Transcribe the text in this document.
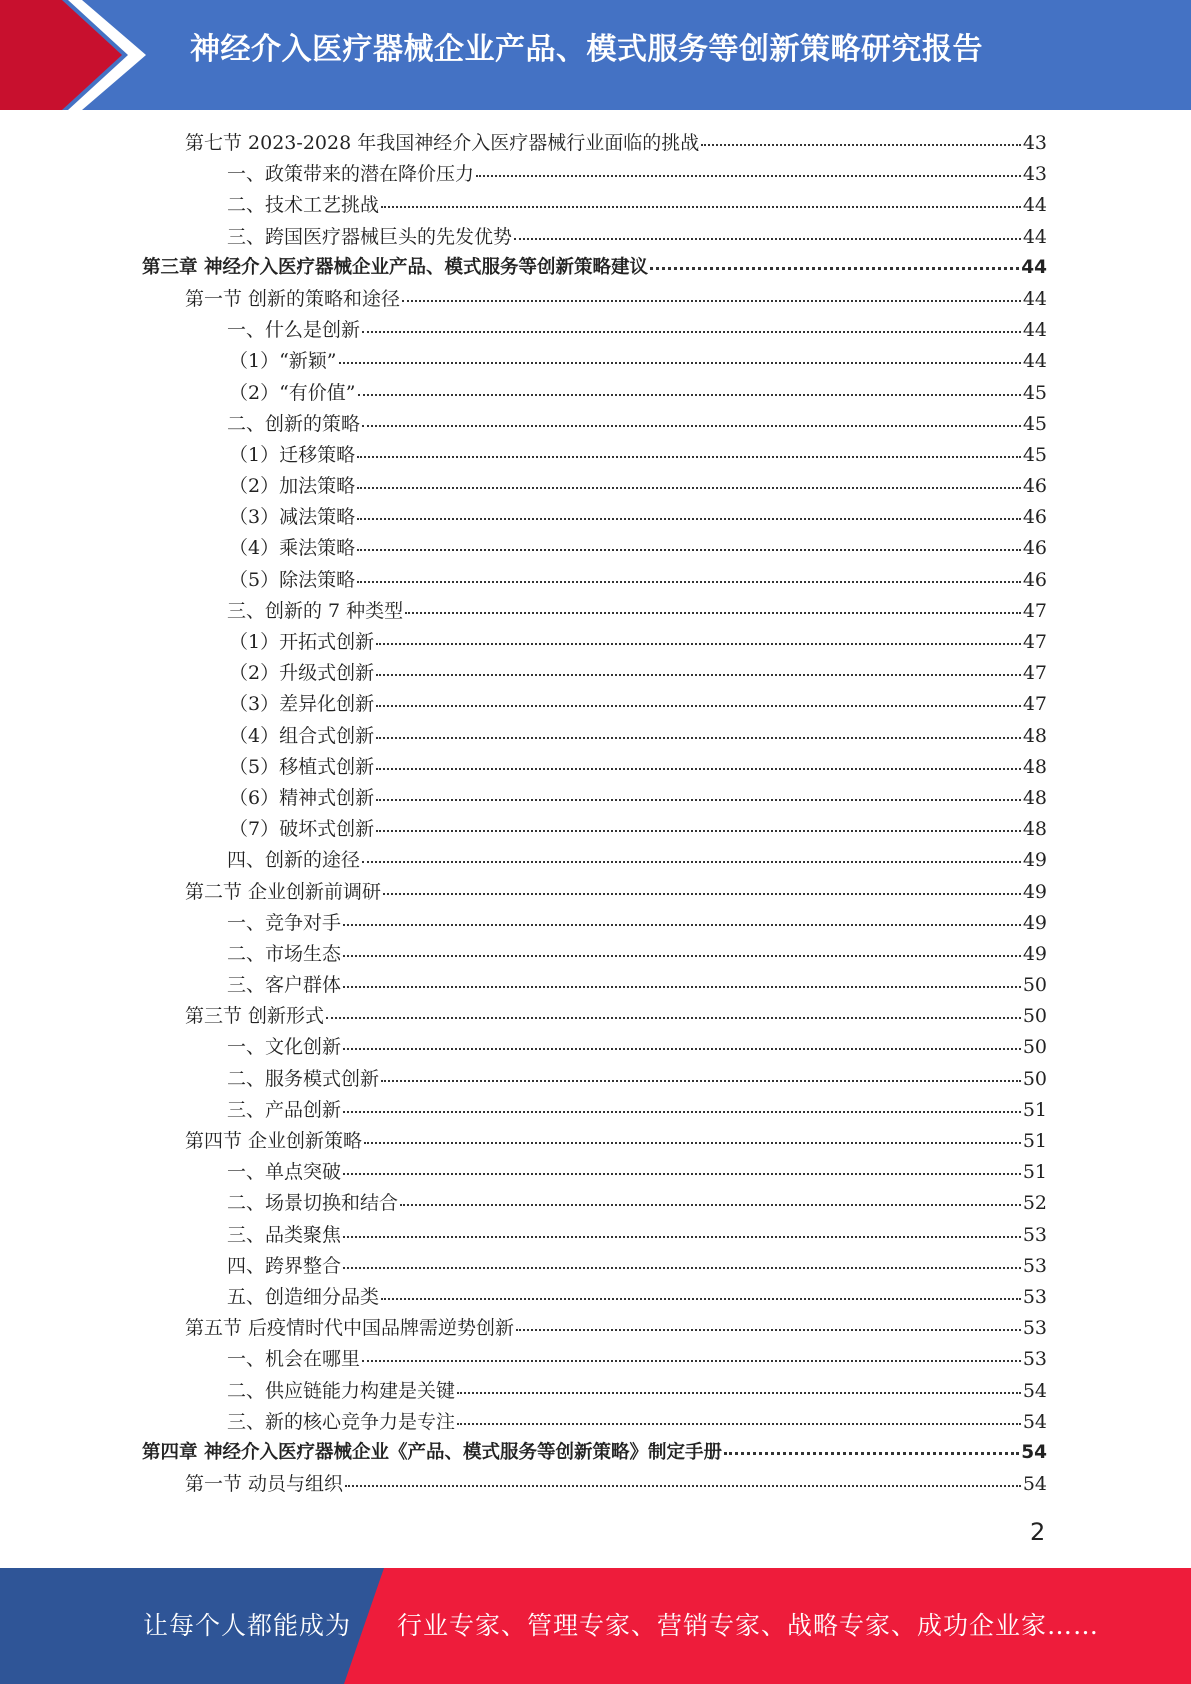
神经介入医疗器械企业产品、模式服务等创新策略研究报告
第七节 2023-2028 年我国神经介入医疗器械行业面临的挑战	43
一、政策带来的潜在降价压力	43
二、技术工艺挑战	44
三、跨国医疗器械巨头的先发优势	44
第三章 神经介入医疗器械企业产品、模式服务等创新策略建议	44
第一节 创新的策略和途径	44
一、什么是创新	44
（1）“新颖”	44
（2）“有价值”	45
二、创新的策略	45
（1）迁移策略	45
（2）加法策略	46
（3）减法策略	46
（4）乘法策略	46
（5）除法策略	46
三、创新的 7 种类型	47
（1）开拓式创新	47
（2）升级式创新	47
（3）差异化创新	47
（4）组合式创新	48
（5）移植式创新	48
（6）精神式创新	48
（7）破坏式创新	48
四、创新的途径	49
第二节 企业创新前调研	49
一、竞争对手	49
二、市场生态	49
三、客户群体	50
第三节 创新形式	50
一、文化创新	50
二、服务模式创新	50
三、产品创新	51
第四节 企业创新策略	51
一、单点突破	51
二、场景切换和结合	52
三、品类聚焦	53
四、跨界整合	53
五、创造细分品类	53
第五节 后疫情时代中国品牌需逆势创新	53
一、机会在哪里	53
二、供应链能力构建是关键	54
三、新的核心竞争力是专注	54
第四章 神经介入医疗器械企业《产品、模式服务等创新策略》制定手册	54
第一节 动员与组织	54
2
让每个人都能成为 行业专家、管理专家、营销专家、战略专家、成功企业家……
